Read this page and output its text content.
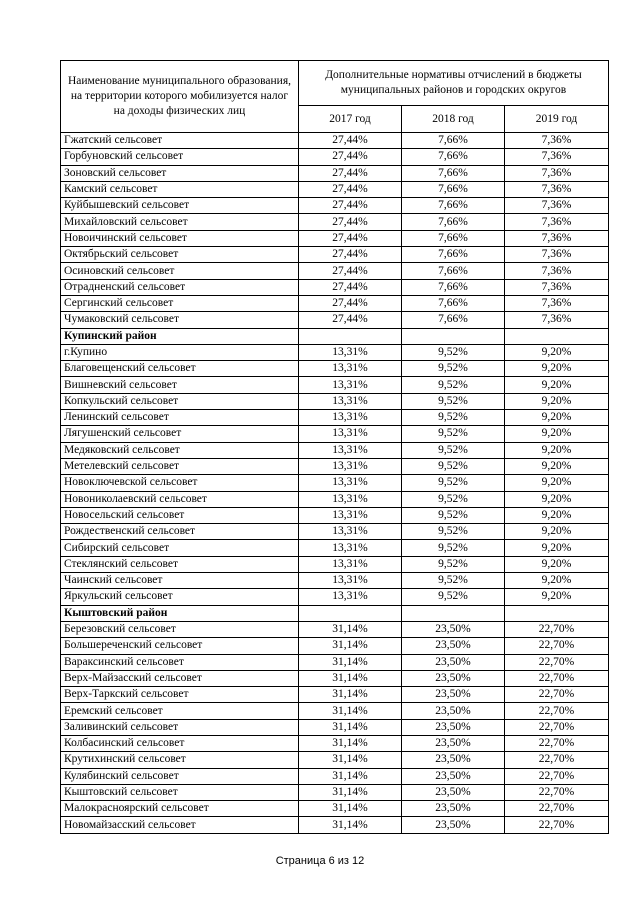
Наименование муниципального образования, на территории которого мобилизуется налог на доходы физических лиц	Дополнительные нормативы отчислений в бюджеты муниципальных районов и городских округов		
	2017 год	2018 год	2019 год
Гжатский сельсовет	27,44%	7,66%	7,36%
Горбуновский сельсовет	27,44%	7,66%	7,36%
Зоновский сельсовет	27,44%	7,66%	7,36%
Камский сельсовет	27,44%	7,66%	7,36%
Куйбышевский сельсовет	27,44%	7,66%	7,36%
Михайловский сельсовет	27,44%	7,66%	7,36%
Новоичинский сельсовет	27,44%	7,66%	7,36%
Октябрьский сельсовет	27,44%	7,66%	7,36%
Осиновский сельсовет	27,44%	7,66%	7,36%
Отрадненский сельсовет	27,44%	7,66%	7,36%
Сергинский сельсовет	27,44%	7,66%	7,36%
Чумаковский сельсовет	27,44%	7,66%	7,36%
Купинский район			
г.Купино	13,31%	9,52%	9,20%
Благовещенский сельсовет	13,31%	9,52%	9,20%
Вишневский сельсовет	13,31%	9,52%	9,20%
Копкульский сельсовет	13,31%	9,52%	9,20%
Ленинский сельсовет	13,31%	9,52%	9,20%
Лягушенский сельсовет	13,31%	9,52%	9,20%
Медяковский сельсовет	13,31%	9,52%	9,20%
Метелевский сельсовет	13,31%	9,52%	9,20%
Новоключевской сельсовет	13,31%	9,52%	9,20%
Новониколаевский сельсовет	13,31%	9,52%	9,20%
Новосельский сельсовет	13,31%	9,52%	9,20%
Рождественский сельсовет	13,31%	9,52%	9,20%
Сибирский сельсовет	13,31%	9,52%	9,20%
Стеклянский сельсовет	13,31%	9,52%	9,20%
Чаинский сельсовет	13,31%	9,52%	9,20%
Яркульский сельсовет	13,31%	9,52%	9,20%
Кыштовский район			
Березовский сельсовет	31,14%	23,50%	22,70%
Большереченский сельсовет	31,14%	23,50%	22,70%
Вараксинский сельсовет	31,14%	23,50%	22,70%
Верх-Майзасский сельсовет	31,14%	23,50%	22,70%
Верх-Таркский сельсовет	31,14%	23,50%	22,70%
Еремский сельсовет	31,14%	23,50%	22,70%
Заливинский сельсовет	31,14%	23,50%	22,70%
Колбасинский сельсовет	31,14%	23,50%	22,70%
Крутихинский сельсовет	31,14%	23,50%	22,70%
Кулябинский сельсовет	31,14%	23,50%	22,70%
Кыштовский сельсовет	31,14%	23,50%	22,70%
Малокрасноярский сельсовет	31,14%	23,50%	22,70%
Новомайзасский сельсовет	31,14%	23,50%	22,70%
Страница 6 из 12
